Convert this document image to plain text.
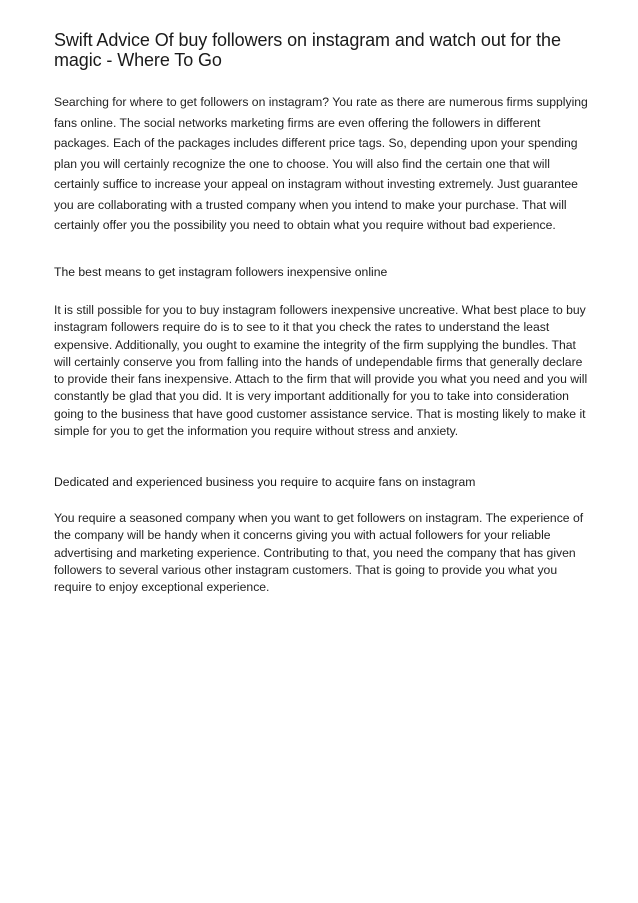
Swift Advice Of buy followers on instagram and watch out for the magic - Where To Go

Searching for where to get followers on instagram? You rate as there are numerous firms supplying fans online. The social networks marketing firms are even offering the followers in different packages. Each of the packages includes different price tags. So, depending upon your spending plan you will certainly recognize the one to choose. You will also find the certain one that will certainly suffice to increase your appeal on instagram without investing extremely. Just guarantee you are collaborating with a trusted company when you intend to make your purchase. That will certainly offer you the possibility you need to obtain what you require without bad experience.

The best means to get instagram followers inexpensive online

It is still possible for you to buy instagram followers inexpensive uncreative. What best place to buy instagram followers require do is to see to it that you check the rates to understand the least expensive. Additionally, you ought to examine the integrity of the firm supplying the bundles. That will certainly conserve you from falling into the hands of undependable firms that generally declare to provide their fans inexpensive. Attach to the firm that will provide you what you need and you will constantly be glad that you did. It is very important additionally for you to take into consideration going to the business that have good customer assistance service. That is mosting likely to make it simple for you to get the information you require without stress and anxiety.

Dedicated and experienced business you require to acquire fans on instagram

You require a seasoned company when you want to get followers on instagram. The experience of the company will be handy when it concerns giving you with actual followers for your reliable advertising and marketing experience. Contributing to that, you need the company that has given followers to several various other instagram customers. That is going to provide you what you require to enjoy exceptional experience.
